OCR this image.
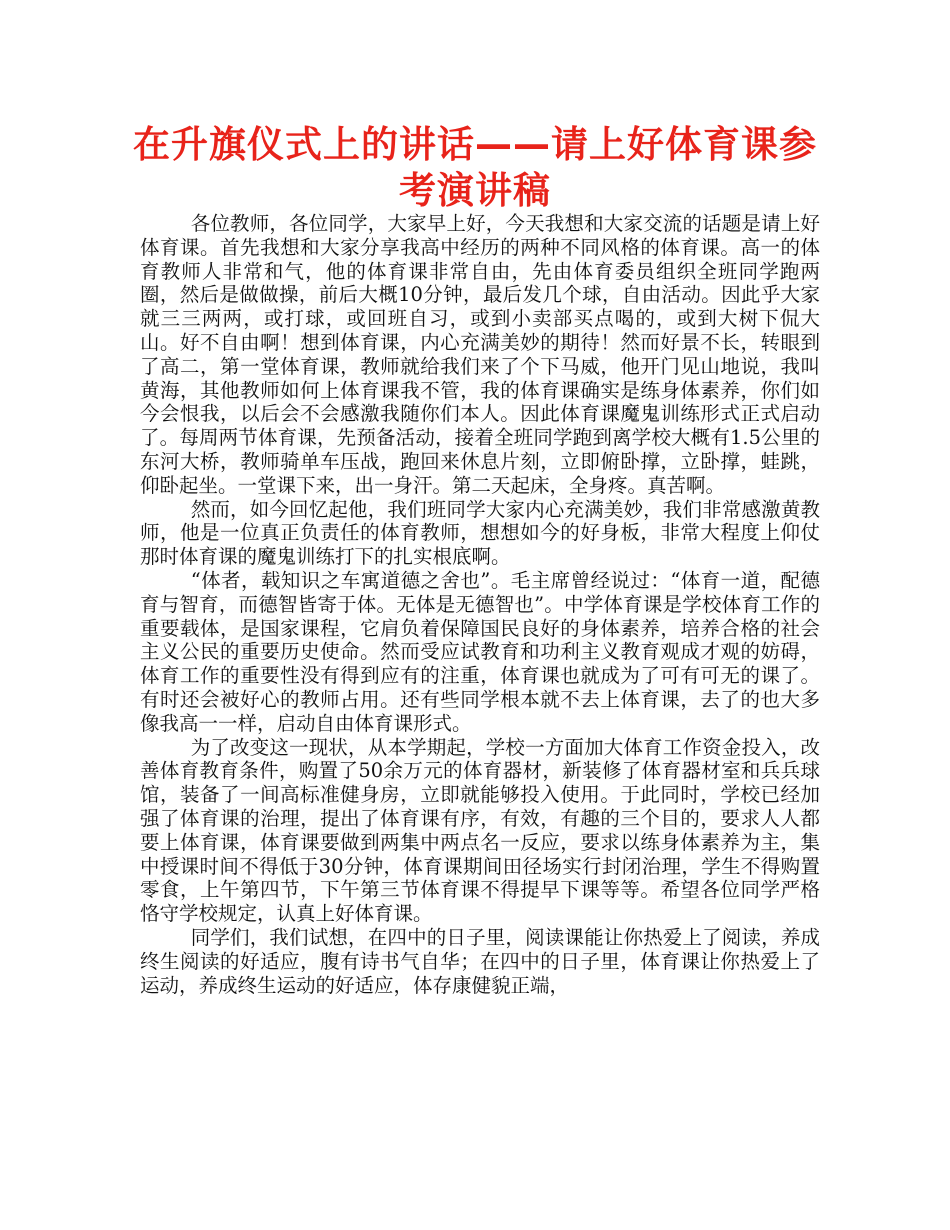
在升旗仪式上的讲话——请上好体育课参考演讲稿

各位教师，各位同学，大家早上好，今天我想和大家交流的话题是请上好体育课。首先我想和大家分享我高中经历的两种不同风格的体育课。高一的体育教师人非常和气，他的体育课非常自由，先由体育委员组织全班同学跑两圈，然后是做做操，前后大概10分钟，最后发几个球，自由活动。因此乎大家就三三两两，或打球，或回班自习，或到小卖部买点喝的，或到大树下侃大山。好不自由啊！想到体育课，内心充满美妙的期待！然而好景不长，转眼到了高二，第一堂体育课，教师就给我们来了个下马威，他开门见山地说，我叫黄海，其他教师如何上体育课我不管，我的体育课确实是练身体素养，你们如今会恨我，以后会不会感激我随你们本人。因此体育课魔鬼训练形式正式启动了。每周两节体育课，先预备活动，接着全班同学跑到离学校大概有1.5公里的东河大桥，教师骑单车压战，跑回来休息片刻，立即俯卧撑，立卧撑，蛙跳，仰卧起坐。一堂课下来，出一身汗。第二天起床，全身疼。真苦啊。

然而，如今回忆起他，我们班同学大家内心充满美妙，我们非常感激黄教师，他是一位真正负责任的体育教师，想想如今的好身板，非常大程度上仰仗那时体育课的魔鬼训练打下的扎实根底啊。

“体者，载知识之车寓道德之舍也”。毛主席曾经说过：“体育一道，配德育与智育，而德智皆寄于体。无体是无德智也”。中学体育课是学校体育工作的重要载体，是国家课程，它肩负着保障国民良好的身体素养，培养合格的社会主义公民的重要历史使命。然而受应试教育和功利主义教育观成才观的妨碍，体育工作的重要性没有得到应有的注重，体育课也就成为了可有可无的课了。有时还会被好心的教师占用。还有些同学根本就不去上体育课，去了的也大多像我高一一样，启动自由体育课形式。

为了改变这一现状，从本学期起，学校一方面加大体育工作资金投入，改善体育教育条件，购置了50余万元的体育器材，新装修了体育器材室和兵兵球馆，装备了一间高标准健身房，立即就能够投入使用。于此同时，学校已经加强了体育课的治理，提出了体育课有序，有效，有趣的三个目的，要求人人都要上体育课，体育课要做到两集中两点名一反应，要求以练身体素养为主，集中授课时间不得低于30分钟，体育课期间田径场实行封闭治理，学生不得购置零食，上午第四节，下午第三节体育课不得提早下课等等。希望各位同学严格恪守学校规定，认真上好体育课。

同学们，我们试想，在四中的日子里，阅读课能让你热爱上了阅读，养成终生阅读的好适应，腹有诗书气自华；在四中的日子里，体育课让你热爱上了运动，养成终生运动的好适应，体存康健貌正端，
